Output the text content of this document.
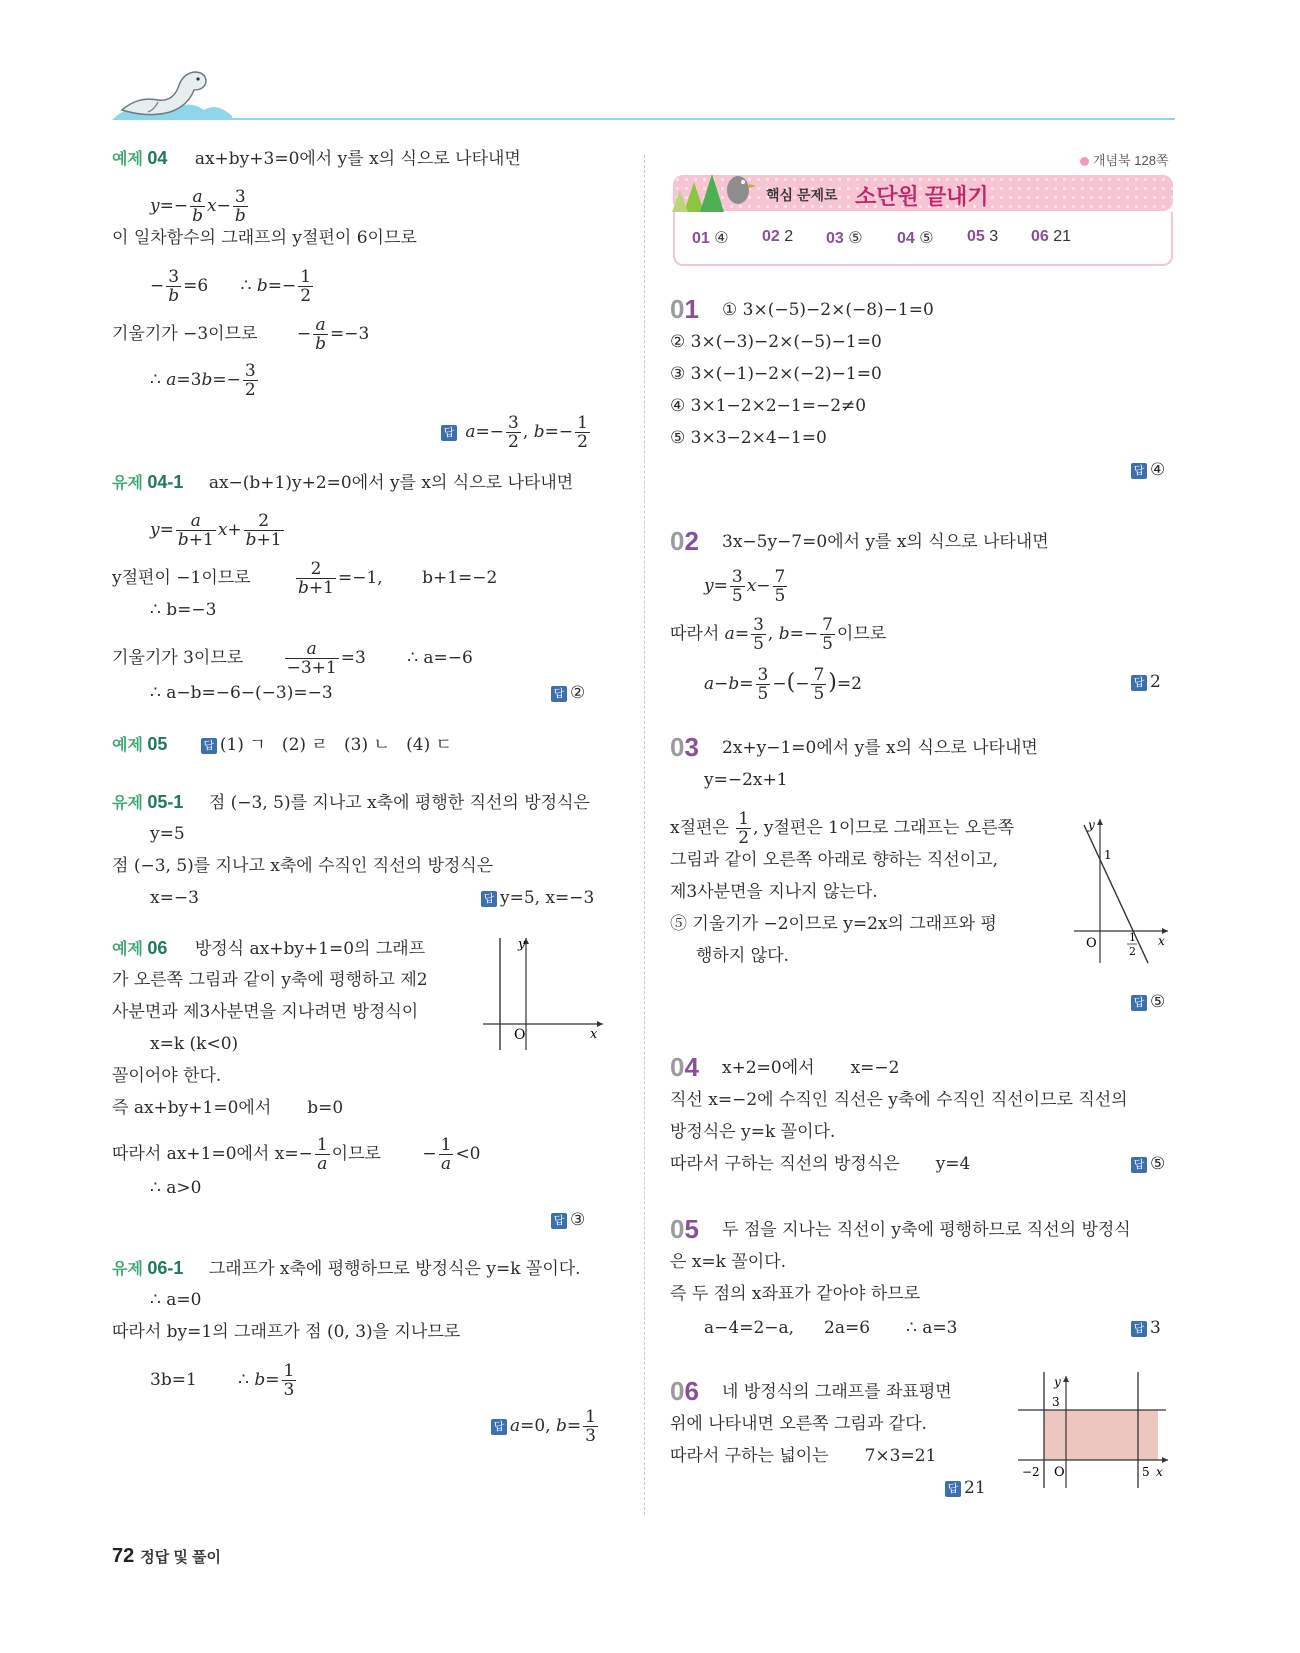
예제 04 ax+by+3=0에서 y를 x의 식으로 나타내면
$y=- \frac{a}{b} x- \frac{3}{b}$
이 일차함수의 그래프의 y절편이 6이므로
− $\frac{3}{b} =6$      ∴ $b=- \frac{1}{2}$
기울기가 −3이므로 − $\frac{a}{b} =-3$
∴ $a=3b=- \frac{3}{2}$
답 $a=- \frac{3}{2}$ , $b=- \frac{1}{2}$
유제 04-1 ax−(b+1)y+2=0에서 y를 x의 식으로 나타내면
$y= \frac{a}{b+1} x+ \frac{2}{b+1}$
y절편이 −1이므로	$\frac{2}{b+1} =-1$, b+1=−2
∴ b=−3
기울기가 3이므로 $\frac{a}{-3+1} =3$ ∴ a=−6
∴ a−b=−6−(−3)=−3	답 ②
예제 05	답 (1) ㄱ   (2) ㄹ   (3) ㄴ   (4) ㄷ
유제 05-1 점 (−3, 5)를 지나고 x축에 평행한 직선의 방정식은
y=5
점 (−3, 5)를 지나고 x축에 수직인 직선의 방정식은
x=−3	답 y=5, x=−3
예제 06 방정식 ax+by+1=0의 그래프
가 오른쪽 그림과 같이 y축에 평행하고 제2
사분면과 제3사분면을 지나려면 방정식이
x=k (k<0)
꼴이어야 한다.
즉 ax+by+1=0에서 b=0
따라서 ax+1=0에서 $x=- \frac{1}{a}$ 이므로 − $\frac{1}{a} <0$
∴ a>0
답 ③
y
O	x
유제 06-1 그래프가 x축에 평행하므로 방정식은 y=k 꼴이다.
∴ a=0
따라서 by=1의 그래프가 점 (0, 3)을 지나므로
3b=1 ∴ $b= \frac{1}{3}$
답 a=0, $b= \frac{1}{3}$
개념북 128쪽
핵심 문제로 소단원 끝내기
01 ④ 02 2 03 ⑤ 04 ⑤ 05 3 06 21
01 ① 3×(−5)−2×(−8)−1=0
② 3×(−3)−2×(−5)−1=0
③ 3×(−1)−2×(−2)−1=0
④ 3×1−2×2−1=−2≠0
⑤ 3×3−2×4−1=0
답 ④
02 3x−5y−7=0에서 y를 x의 식으로 나타내면
$y= \frac{3}{5} x- \frac{7}{5}$
따라서 $a= \frac{3}{5}$ , $b=- \frac{7}{5}$ 이므로
$a-b= \frac{3}{5}$ −(− $\frac{7}{5} )=2$	답 2
03 2x+y−1=0에서 y를 x의 식으로 나타내면
y=−2x+1
x절편은 $\frac{1}{2}$ , y절편은 1이므로 그래프는 오른쪽
그림과 같이 오른쪽 아래로 향하는 직선이고,
제3사분면을 지나지 않는다.
⑤ 기울기가 −2이므로 y=2x의 그래프와 평
행하지 않다.
답 ⑤
y
1
O	1
2
x
04 x+2=0에서 x=−2
직선 x=−2에 수직인 직선은 y축에 수직인 직선이므로 직선의
방정식은 y=k 꼴이다.
따라서 구하는 직선의 방정식은 y=4	답 ⑤
05 두 점을 지나는 직선이 y축에 평행하므로 직선의 방정식
은 x=k 꼴이다.
즉 두 점의 x좌표가 같아야 하므로
a−4=2−a, 2a=6 ∴ a=3	답 3
06 네 방정식의 그래프를 좌표평면
위에 나타내면 오른쪽 그림과 같다.
따라서 구하는 넓이는 7×3=21
답 21
y
3
−2 O	5 x
72 정답 및 풀이
